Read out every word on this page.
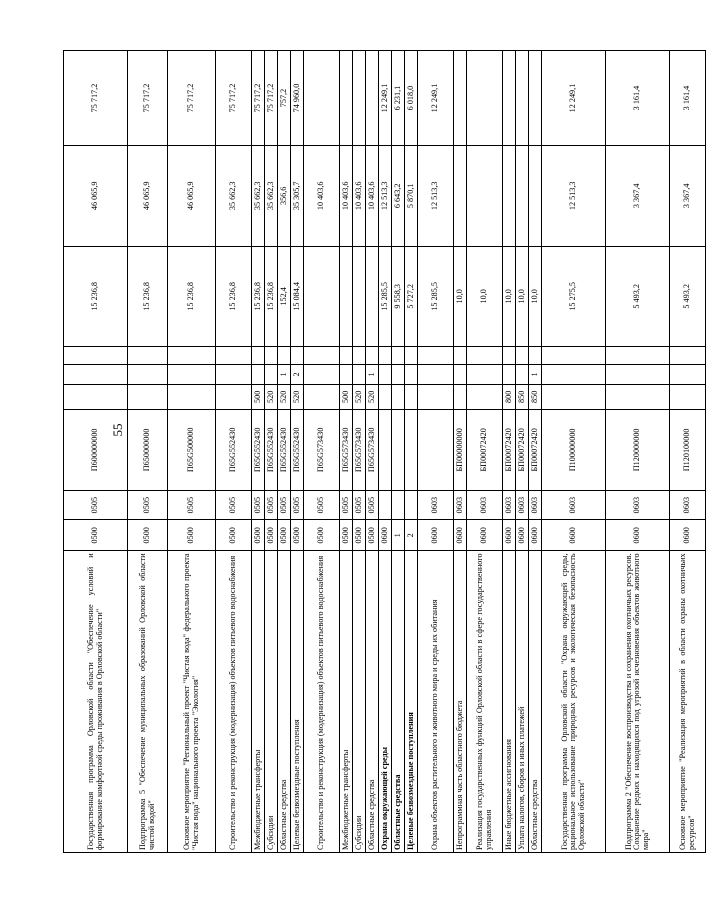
55
Государственная программа Орловской области "Обеспечение условий и формирование комфортной среды проживания в Орловской области"	0500	0505	П600000000				15 236,8	46 065,9	75 717,2
Подпрограмма 5 "Обеспечение муниципальных образований Орловской области чистой водой"	0500	0505	П650000000				15 236,8	46 065,9	75 717,2
Основное мероприятие "Региональный проект "Чистая вода" федерального проекта "Чистая вода" национального проекта "Экология"	0500	0505	П65G500000				15 236,8	46 065,9	75 717,2
Строительство и реконструкция (модернизация) объектов питьевого водоснабжения	0500	0505	П65G552430				15 236,8	35 662,3	75 717,2
Межбюджетные трансферты	0500	0505	П65G552430	500			15 236,8	35 662,3	75 717,2
Субсидии	0500	0505	П65G552430	520			15 236,8	35 662,3	75 717,2
Областные средства	0500	0505	П65G552430	520	1		152,4	356,6	757,2
Целевые безвозмездные поступления	0500	0505	П65G552430	520	2		15 084,4	35 305,7	74 960,0
Строительство и реконструкция (модернизация) объектов питьевого водоснабжения	0500	0505	П65G573430					10 403,6	
Межбюджетные трансферты	0500	0505	П65G573430	500				10 403,6	
Субсидии	0500	0505	П65G573430	520				10 403,6	
Областные средства	0500	0505	П65G573430	520	1			10 403,6	
Охрана окружающей среды	0600						15 285,5	12 513,3	12 249,1
Областные средства	1						9 558,3	6 643,2	6 231,1
Целевые безвозмездные поступления	2						5 727,2	5 870,1	6 018,0
Охрана объектов растительного и животного мира и среды их обитания	0600	0603					15 285,5	12 513,3	12 249,1
Непрограммная часть областного бюджета	0600	0603	БП00000000				10,0		
Реализация государственных функций Орловской области в сфере государственного управления	0600	0603	БП00072420				10,0		
Иные бюджетные ассигнования	0600	0603	БП00072420	800			10,0		
Уплата налогов, сборов и иных платежей	0600	0603	БП00072420	850			10,0		
Областные средства	0600	0603	БП00072420	850	1		10,0		
Государственная программа Орловской области "Охрана окружающей среды, рациональное использование природных ресурсов и экологическая безопасность Орловской области"	0600	0603	П100000000				15 275,5	12 513,3	12 249,1
Подпрограмма 2 "Обеспечение воспроизводства и сохранения охотничьих ресурсов. Сохранение редких и находящихся под угрозой исчезновения объектов животного мира"	0600	0603	П120000000				5 493,2	3 367,4	3 161,4
Основное мероприятие "Реализация мероприятий в области охраны охотничьих ресурсов"	0600	0603	П120100000				5 493,2	3 367,4	3 161,4
